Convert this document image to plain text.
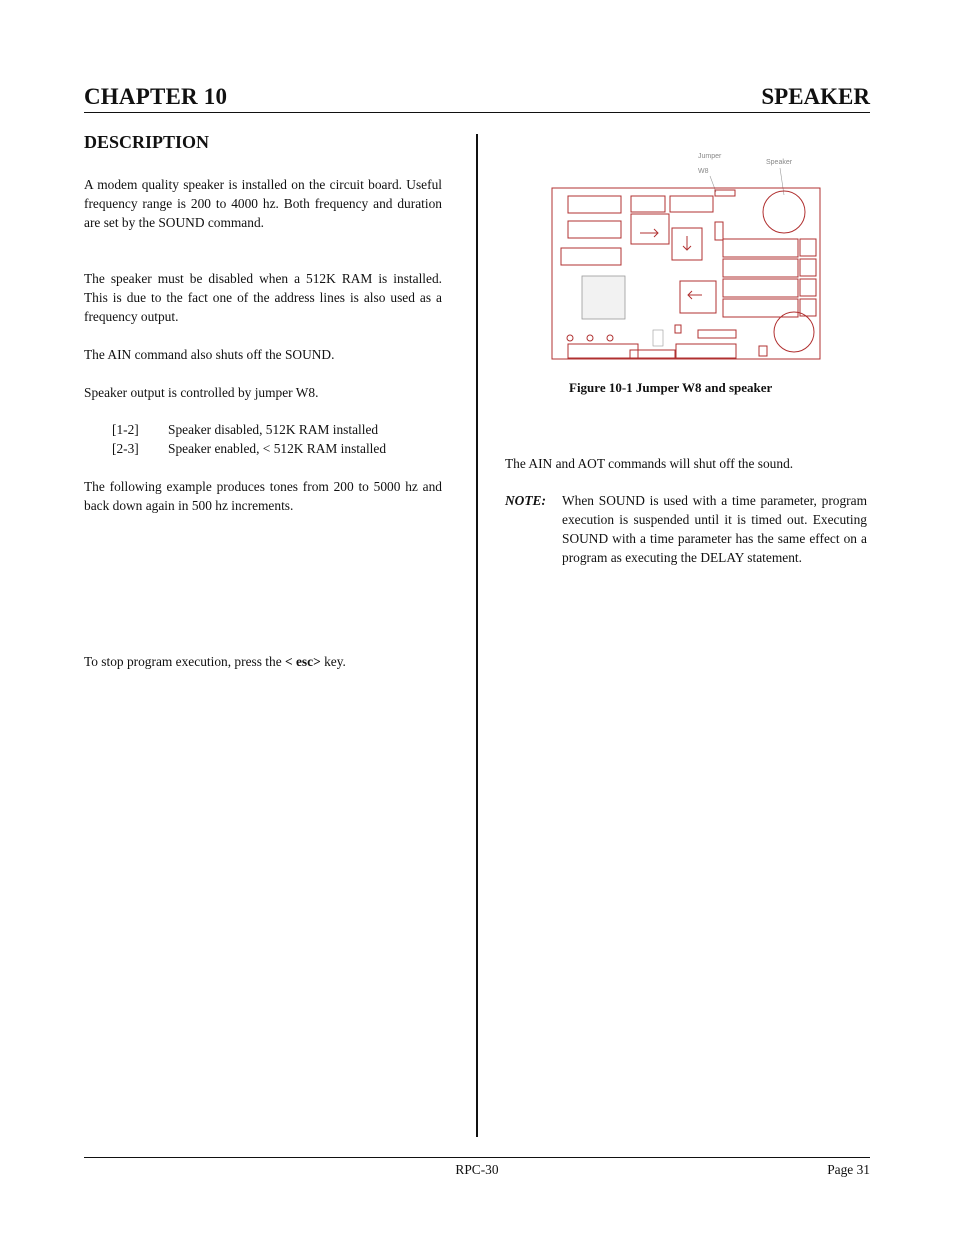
CHAPTER 10	SPEAKER
DESCRIPTION

A modem quality speaker is installed on the circuit board. Useful frequency range is 200 to 4000 hz. Both frequency and duration are set by the SOUND command.

The speaker must be disabled when a 512K RAM is installed. This is due to the fact one of the address lines is also used as a frequency output.

The AIN command also shuts off the SOUND.

Speaker output is controlled by jumper W8.

[1-2] Speaker disabled, 512K RAM installed
[2-3] Speaker enabled, < 512K RAM installed

The following example produces tones from 200 to 5000 hz and back down again in 500 hz increments.

To stop program execution, press the < esc> key.

Jumper
W8
Speaker
Figure 10-1 Jumper W8 and speaker

The AIN and AOT commands will shut off the sound.

NOTE: When SOUND is used with a time parameter, program execution is suspended until it is timed out. Executing SOUND with a time parameter has the same effect on a program as executing the DELAY statement.
RPC-30	Page 31
